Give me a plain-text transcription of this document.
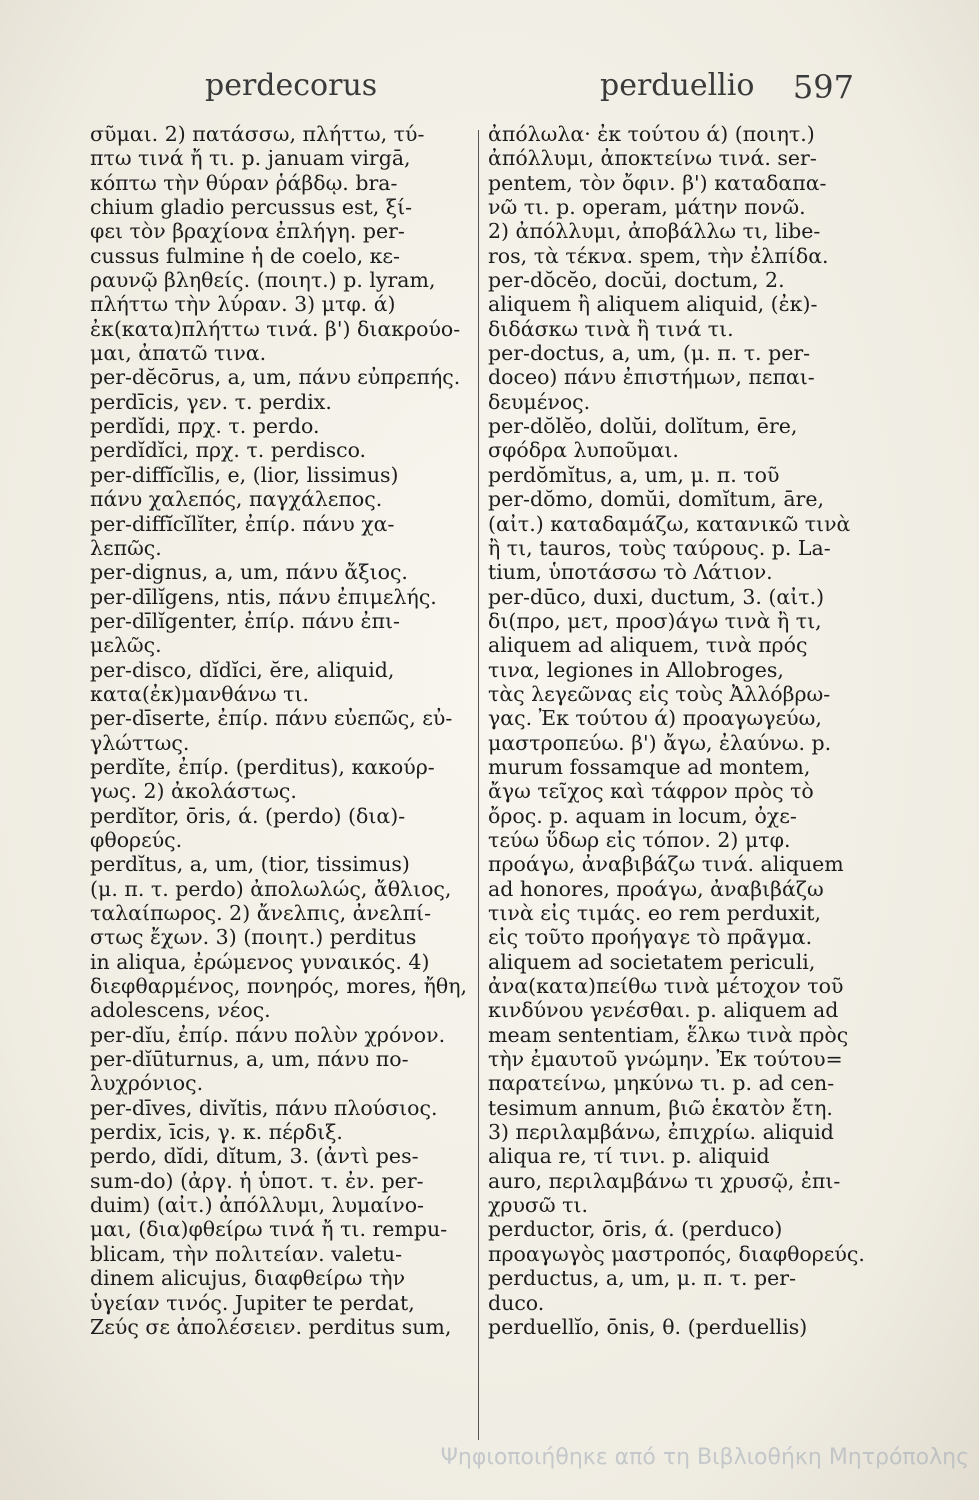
perdecorus	perduellio 597
σῦμαι. 2) πατάσσω, πλήττω, τύ-
πτω τινά ἤ τι. p. januam virgā,
κόπτω τὴν θύραν ῥάβδῳ. bra-
chium gladio percussus est, ξί-
φει τὸν βραχίονα ἐπλήγη. per-
cussus fulmine ἡ de coelo, κε-
ραυνῷ βληθείς. (ποιητ.) p. lyram,
πλήττω τὴν λύραν. 3) μτφ. ά)
ἐκ(κατα)πλήττω τινά. β') διακρούο-
μαι, ἀπατῶ τινα.
per-dĕcōrus, a, um, πάνυ εὐπρεπής.
perdīcis, γεν. τ. perdix.
perdĭdi, πρχ. τ. perdo.
perdĭdĭci, πρχ. τ. perdisco.
per-diffĭcĭlis, e, (lior, lissimus)
πάνυ χαλεπός, παγχάλεπος.
per-diffĭcĭlĭter, ἐπίρ. πάνυ χα-
λεπῶς.
per-dignus, a, um, πάνυ ἄξιος.
per-dīlĭgens, ntis, πάνυ ἐπιμελής.
per-dīlĭgenter, ἐπίρ. πάνυ ἐπι-
μελῶς.
per-disco, dĭdĭci, ĕre, aliquid,
κατα(ἐκ)μανθάνω τι.
per-dīserte, ἐπίρ. πάνυ εὐεπῶς, εὐ-
γλώττως.
perdĭte, ἐπίρ. (perditus), κακούρ-
γως. 2) ἀκολάστως.
perdĭtor, ōris, ά. (perdo) (δια)-
φθορεύς.
perdĭtus, a, um, (tior, tissimus)
(μ. π. τ. perdo) ἀπολωλώς, ἄθλιος,
ταλαίπωρος. 2) ἄνελπις, ἀνελπί-
στως ἔχων. 3) (ποιητ.) perditus
in aliqua, ἐρώμενος γυναικός. 4)
διεφθαρμένος, πονηρός, mores, ἤθη,
adolescens, νέος.
per-dĭu, ἐπίρ. πάνυ πολὺν χρόνον.
per-dĭūturnus, a, um, πάνυ πο-
λυχρόνιος.
per-dīves, divĭtis, πάνυ πλούσιος.
perdix, īcis, γ. κ. πέρδιξ.
perdo, dĭdi, dĭtum, 3. (ἀντὶ pes-
sum-do) (ἀργ. ἡ ὑποτ. τ. ἐν. per-
duim) (αἰτ.) ἀπόλλυμι, λυμαίνο-
μαι, (δια)φθείρω τινά ἤ τι. rempu-
blicam, τὴν πολιτείαν. valetu-
dinem alicujus, διαφθείρω τὴν
ὑγείαν τινός. Jupiter te perdat,
Ζεύς σε ἀπολέσειεν. perditus sum,
ἀπόλωλα· ἐκ τούτου ά) (ποιητ.)
ἀπόλλυμι, ἀποκτείνω τινά. ser-
pentem, τὸν ὄφιν. β') καταδαπα-
νῶ τι. p. operam, μάτην πονῶ.
2) ἀπόλλυμι, ἀποβάλλω τι, libe-
ros, τὰ τέκνα. spem, τὴν ἐλπίδα.
per-dŏcĕo, docŭi, doctum, 2.
aliquem ἢ aliquem aliquid, (ἐκ)-
διδάσκω τινὰ ἢ τινά τι.
per-doctus, a, um, (μ. π. τ. per-
doceo) πάνυ ἐπιστήμων, πεπαι-
δευμένος.
per-dŏlĕo, dolŭi, dolĭtum, ēre,
σφόδρα λυποῦμαι.
perdŏmĭtus, a, um, μ. π. τοῦ
per-dŏmo, domŭi, domĭtum, āre,
(αἰτ.) καταδαμάζω, κατανικῶ τινὰ
ἢ τι, tauros, τοὺς ταύρους. p. La-
tium, ὑποτάσσω τὸ Λάτιον.
per-dūco, duxi, ductum, 3. (αἰτ.)
δι(προ, μετ, προσ)άγω τινὰ ἢ τι,
aliquem ad aliquem, τινὰ πρός
τινα, legiones in Allobroges,
τὰς λεγεῶνας εἰς τοὺς Ἀλλόβρω-
γας. Ἐκ τούτου ά) προαγωγεύω,
μαστροπεύω. β') ἄγω, ἐλαύνω. p.
murum fossamque ad montem,
ἄγω τεῖχος καὶ τάφρον πρὸς τὸ
ὄρος. p. aquam in locum, ὀχε-
τεύω ὕδωρ εἰς τόπον. 2) μτφ.
προάγω, ἀναβιβάζω τινά. aliquem
ad honores, προάγω, ἀναβιβάζω
τινὰ εἰς τιμάς. eo rem perduxit,
εἰς τοῦτο προήγαγε τὸ πρᾶγμα.
aliquem ad societatem periculi,
ἀνα(κατα)πείθω τινὰ μέτοχον τοῦ
κινδύνου γενέσθαι. p. aliquem ad
meam sententiam, ἕλκω τινὰ πρὸς
τὴν ἐμαυτοῦ γνώμην. Ἐκ τούτου=
παρατείνω, μηκύνω τι. p. ad cen-
tesimum annum, βιῶ ἑκατὸν ἔτη.
3) περιλαμβάνω, ἐπιχρίω. aliquid
aliqua re, τί τινι. p. aliquid
auro, περιλαμβάνω τι χρυσῷ, ἐπι-
χρυσῶ τι.
perductor, ōris, ά. (perduco)
προαγωγὸς μαστροπός, διαφθορεύς.
perductus, a, um, μ. π. τ. per-
duco.
perduellĭo, ōnis, θ. (perduellis)
Ψηφιοποιήθηκε από τη Βιβλιοθήκη Μητρόπολης
